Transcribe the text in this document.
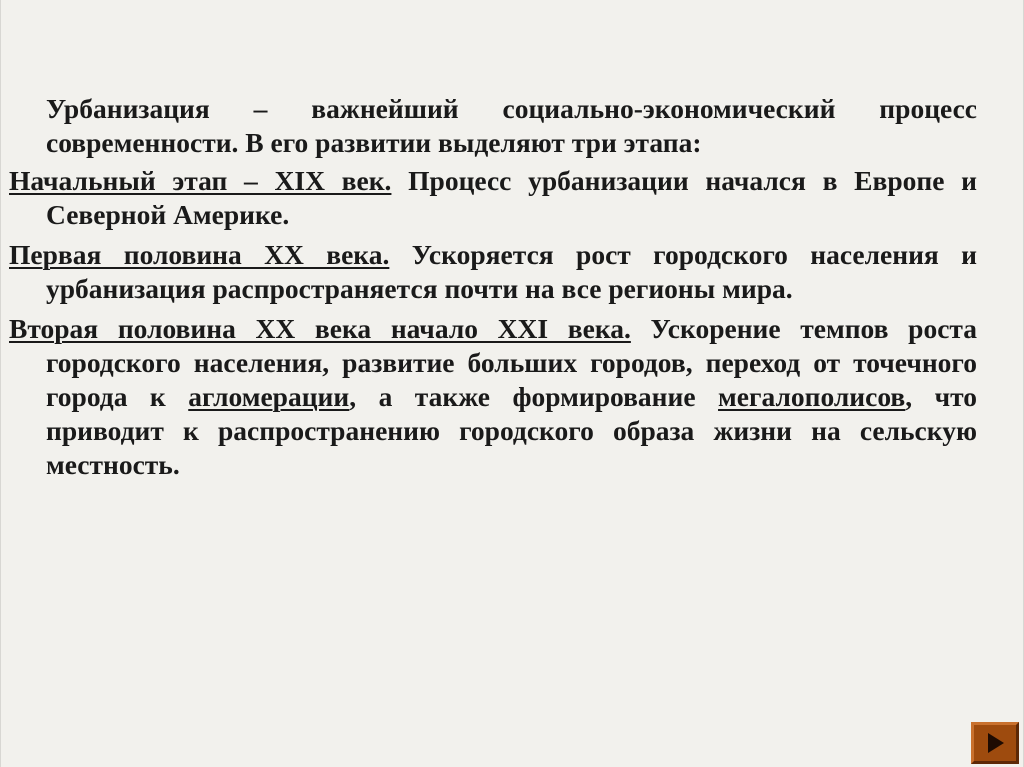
Урбанизация – важнейший социально-экономический процесс современности. В его развитии выделяют три этапа:

Начальный этап – XIX век. Процесс урбанизации начался в Европе и Северной Америке.

Первая половина XX века. Ускоряется рост городского населения и урбанизация распространяется почти на все регионы мира.

Вторая половина XX века начало XXI века. Ускорение темпов роста городского населения, развитие больших городов, переход от точечного города к агломерации, а также формирование мегалополисов, что приводит к распространению городского образа жизни на сельскую местность.
